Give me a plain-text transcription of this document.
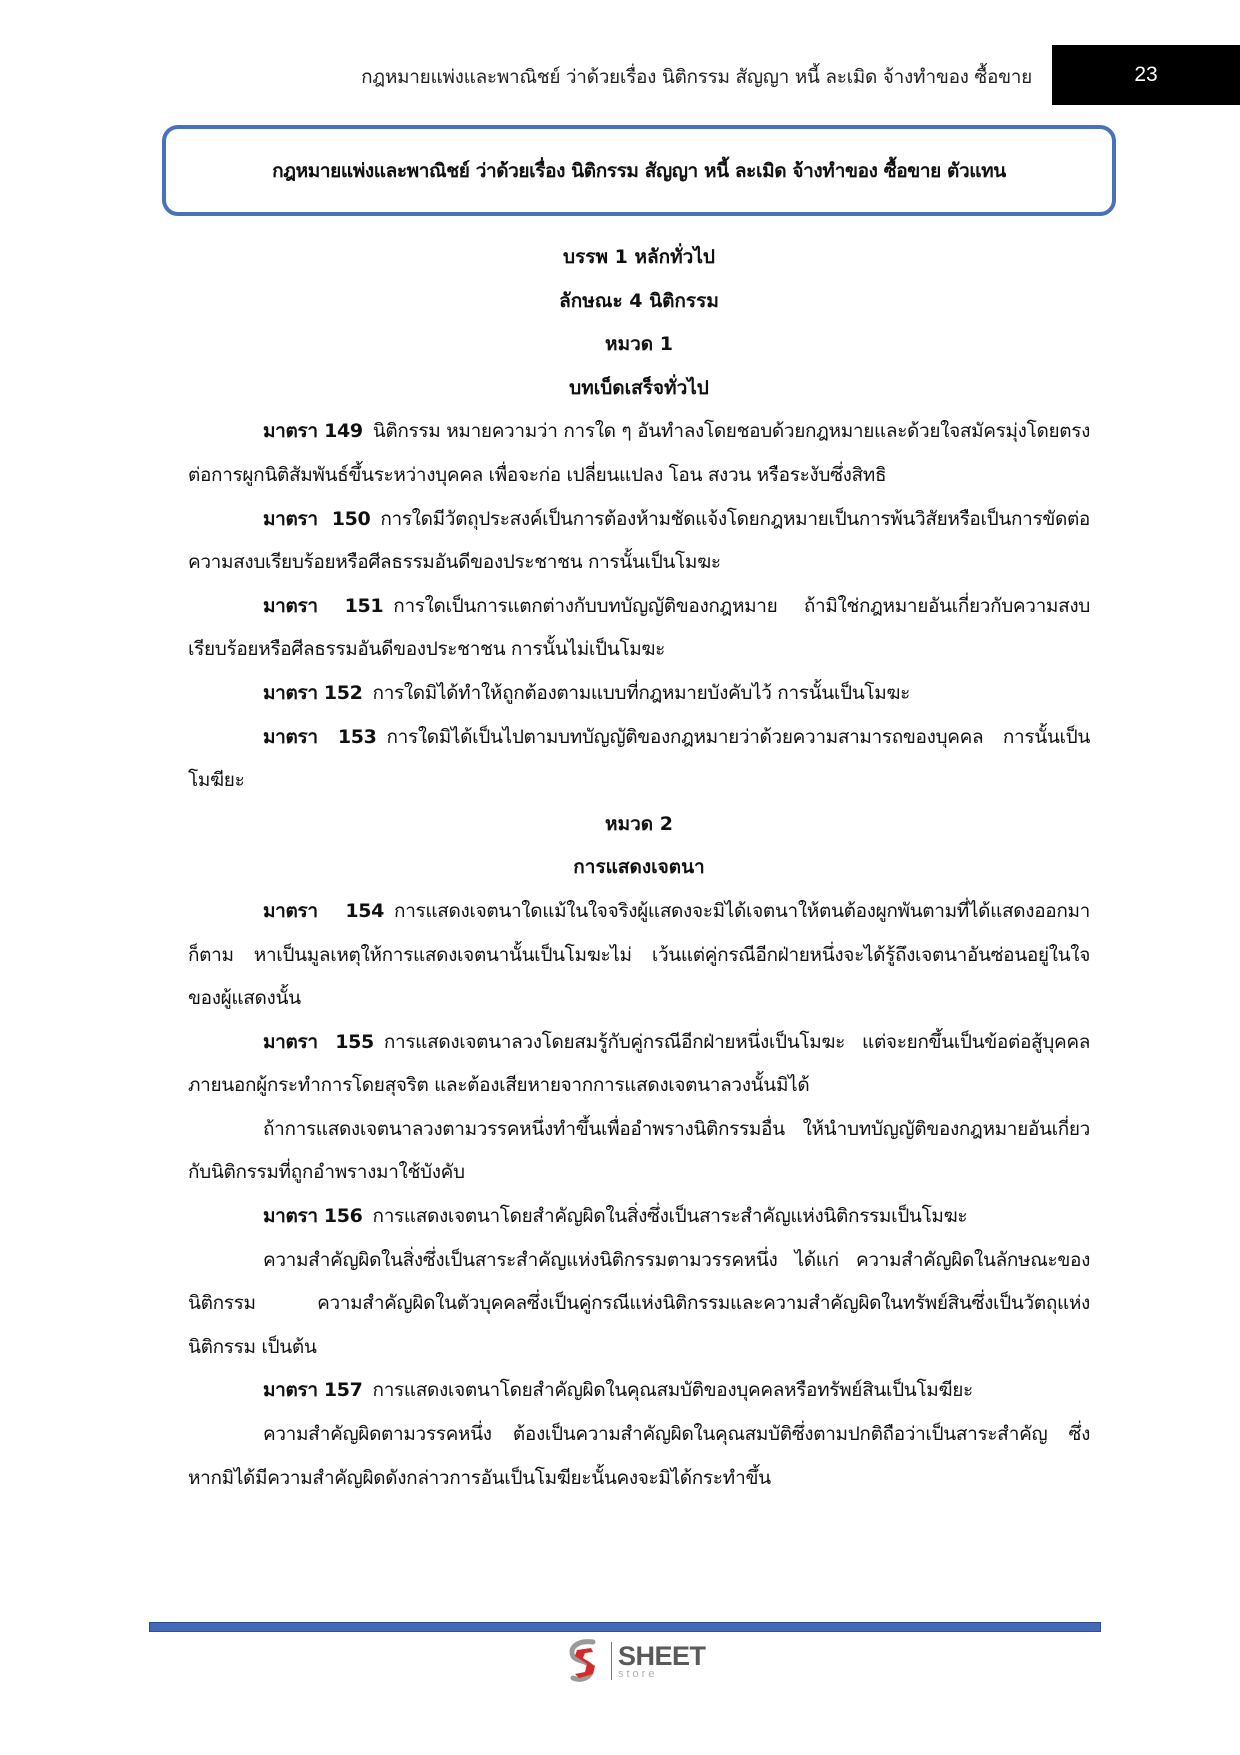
กฎหมายแพ่งและพาณิชย์ ว่าด้วยเรื่อง นิติกรรม สัญญา หนี้ ละเมิด จ้างทำของ ซื้อขาย	23
กฎหมายแพ่งและพาณิชย์ ว่าด้วยเรื่อง นิติกรรม สัญญา หนี้ ละเมิด จ้างทำของ ซื้อขาย ตัวแทน
บรรพ 1 หลักทั่วไป
ลักษณะ 4 นิติกรรม
หมวด 1
บทเบ็ดเสร็จทั่วไป

มาตรา 149 นิติกรรม หมายความว่า การใด ๆ อันทำลงโดยชอบด้วยกฎหมายและด้วยใจสมัครมุ่งโดยตรงต่อการผูกนิติสัมพันธ์ขึ้นระหว่างบุคคล เพื่อจะก่อ เปลี่ยนแปลง โอน สงวน หรือระงับซึ่งสิทธิ

มาตรา 150 การใดมีวัตถุประสงค์เป็นการต้องห้ามชัดแจ้งโดยกฎหมายเป็นการพ้นวิสัยหรือเป็นการขัดต่อความสงบเรียบร้อยหรือศีลธรรมอันดีของประชาชน การนั้นเป็นโมฆะ

มาตรา 151 การใดเป็นการแตกต่างกับบทบัญญัติของกฎหมาย ถ้ามิใช่กฎหมายอันเกี่ยวกับความสงบเรียบร้อยหรือศีลธรรมอันดีของประชาชน การนั้นไม่เป็นโมฆะ

มาตรา 152 การใดมิได้ทำให้ถูกต้องตามแบบที่กฎหมายบังคับไว้ การนั้นเป็นโมฆะ

มาตรา 153 การใดมิได้เป็นไปตามบทบัญญัติของกฎหมายว่าด้วยความสามารถของบุคคล การนั้นเป็นโมฆียะ

หมวด 2
การแสดงเจตนา

มาตรา 154 การแสดงเจตนาใดแม้ในใจจริงผู้แสดงจะมิได้เจตนาให้ตนต้องผูกพันตามที่ได้แสดงออกมาก็ตาม หาเป็นมูลเหตุให้การแสดงเจตนานั้นเป็นโมฆะไม่ เว้นแต่คู่กรณีอีกฝ่ายหนึ่งจะได้รู้ถึงเจตนาอันซ่อนอยู่ในใจของผู้แสดงนั้น

มาตรา 155 การแสดงเจตนาลวงโดยสมรู้กับคู่กรณีอีกฝ่ายหนึ่งเป็นโมฆะ แต่จะยกขึ้นเป็นข้อต่อสู้บุคคลภายนอกผู้กระทำการโดยสุจริต และต้องเสียหายจากการแสดงเจตนาลวงนั้นมิได้

ถ้าการแสดงเจตนาลวงตามวรรคหนึ่งทำขึ้นเพื่ออำพรางนิติกรรมอื่น ให้นำบทบัญญัติของกฎหมายอันเกี่ยวกับนิติกรรมที่ถูกอำพรางมาใช้บังคับ

มาตรา 156 การแสดงเจตนาโดยสำคัญผิดในสิ่งซึ่งเป็นสาระสำคัญแห่งนิติกรรมเป็นโมฆะ

ความสำคัญผิดในสิ่งซึ่งเป็นสาระสำคัญแห่งนิติกรรมตามวรรคหนึ่ง ได้แก่ ความสำคัญผิดในลักษณะของนิติกรรม ความสำคัญผิดในตัวบุคคลซึ่งเป็นคู่กรณีแห่งนิติกรรมและความสำคัญผิดในทรัพย์สินซึ่งเป็นวัตถุแห่งนิติกรรม เป็นต้น

มาตรา 157 การแสดงเจตนาโดยสำคัญผิดในคุณสมบัติของบุคคลหรือทรัพย์สินเป็นโมฆียะ

ความสำคัญผิดตามวรรคหนึ่ง ต้องเป็นความสำคัญผิดในคุณสมบัติซึ่งตามปกติถือว่าเป็นสาระสำคัญ ซึ่งหากมิได้มีความสำคัญผิดดังกล่าวการอันเป็นโมฆียะนั้นคงจะมิได้กระทำขึ้น

SHEET
store
